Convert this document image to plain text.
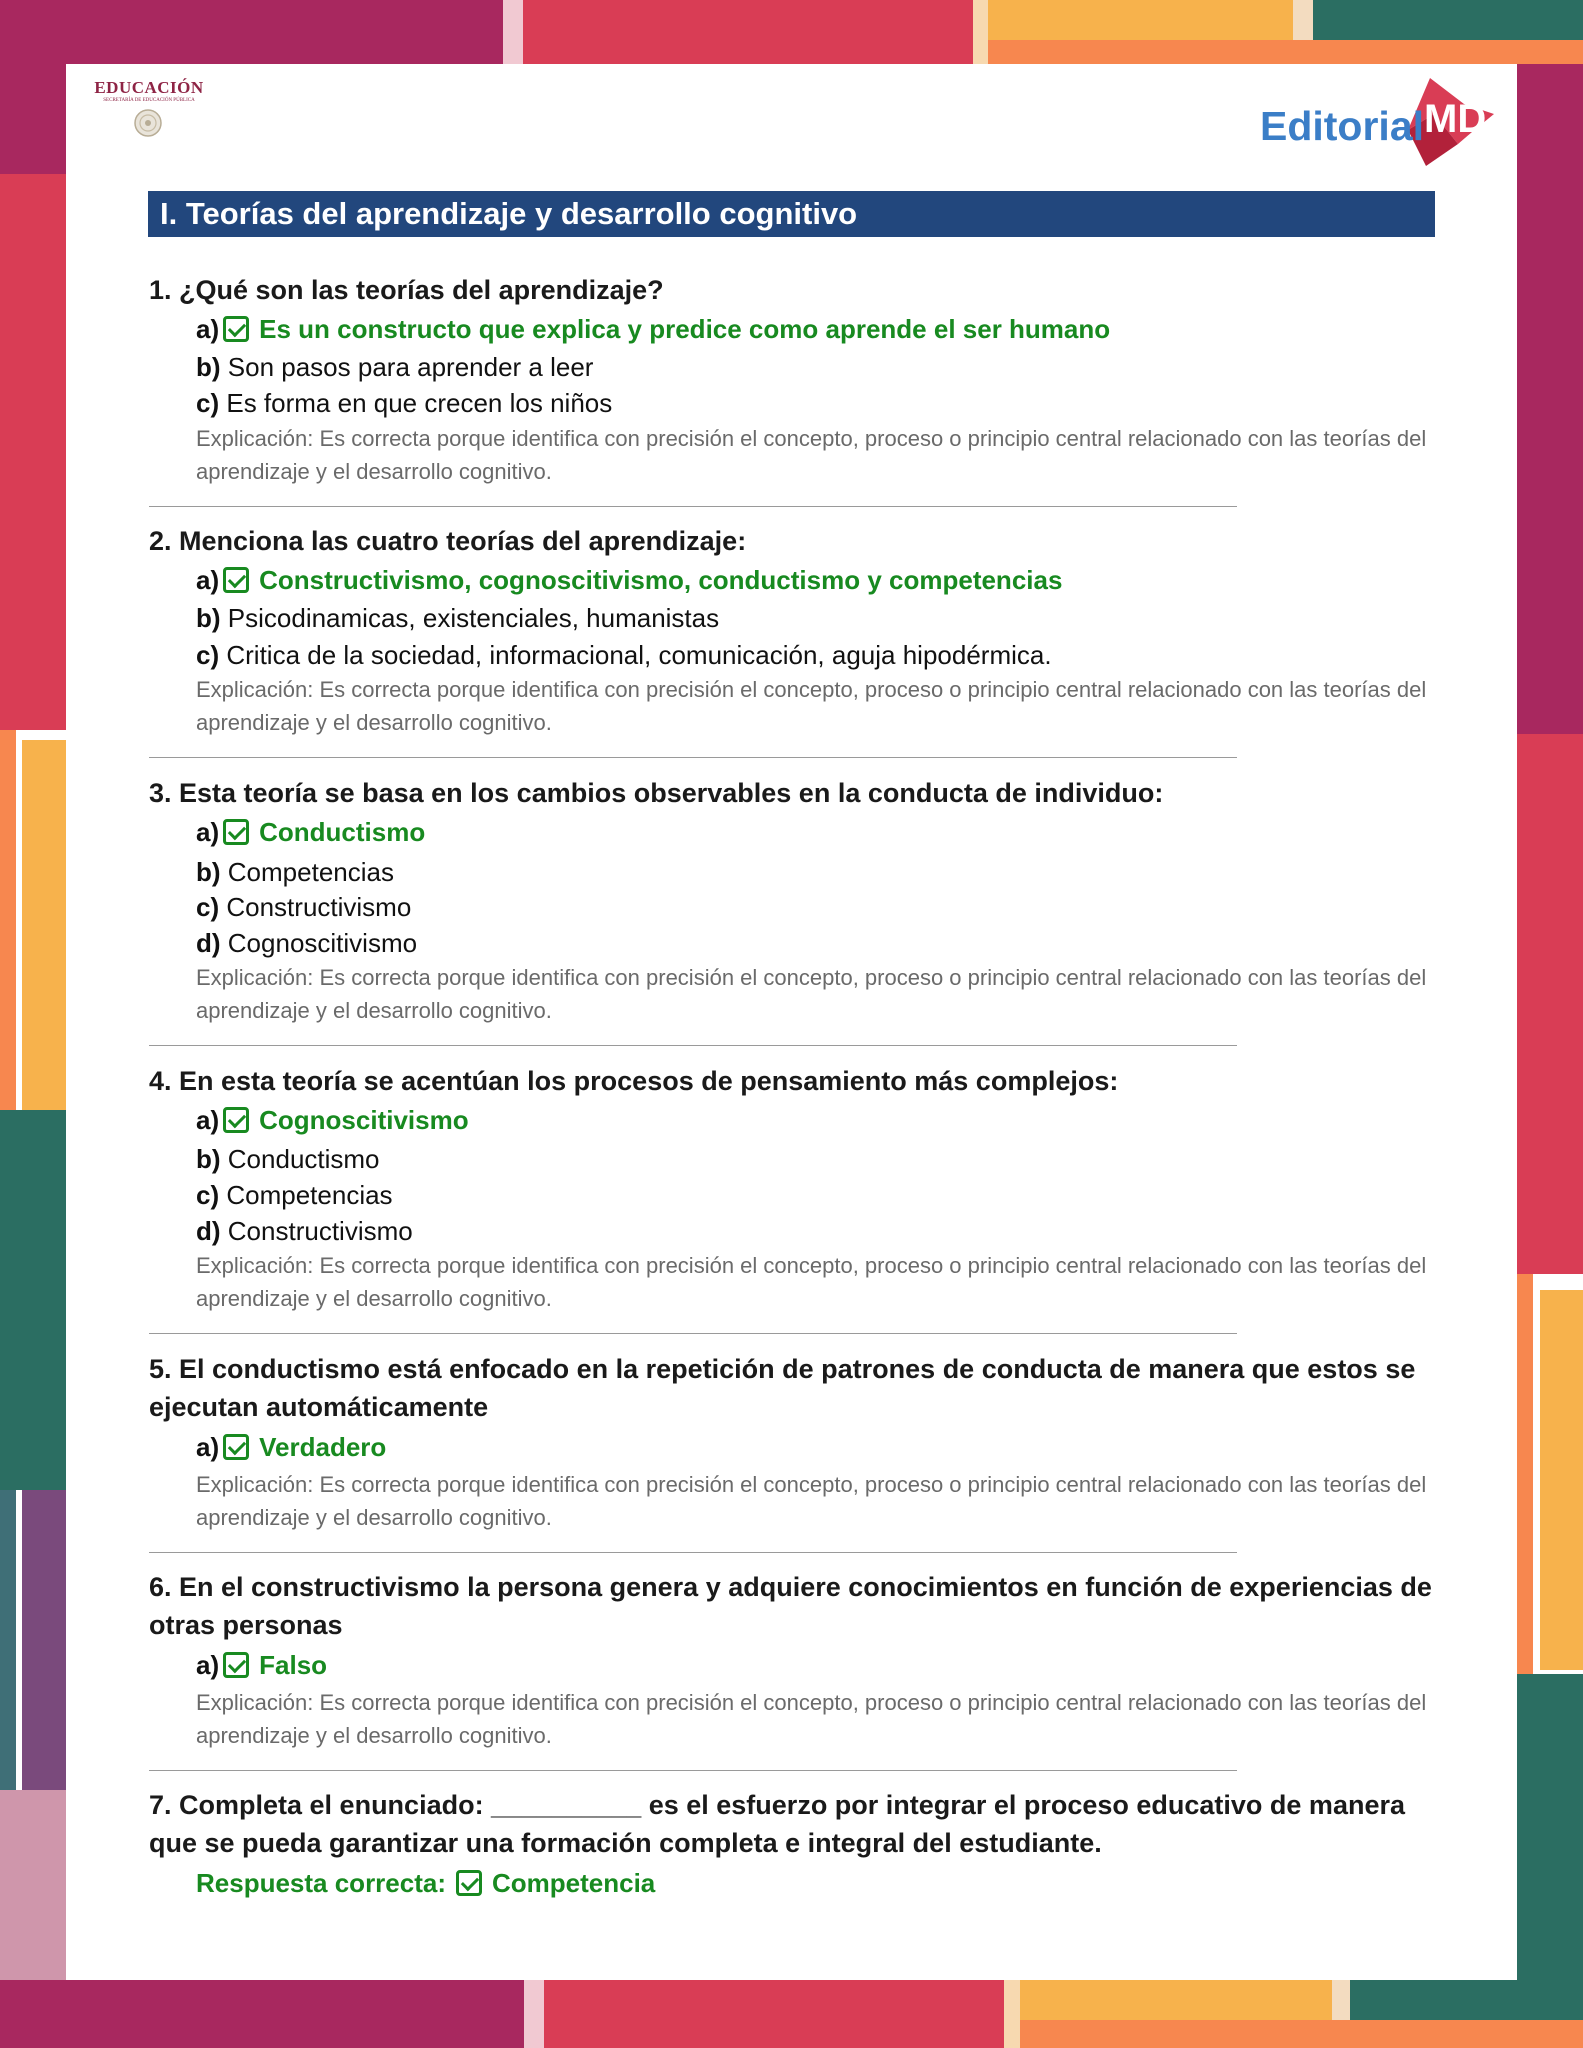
EDUCACIÓN
SECRETARÍA DE EDUCACIÓN PÚBLICA	MD
Editorial
I. Teorías del aprendizaje y desarrollo cognitivo
1. ¿Qué son las teorías del aprendizaje?
a) Es un constructo que explica y predice como aprende el ser humano
b) Son pasos para aprender a leer
c) Es forma en que crecen los niños
Explicación: Es correcta porque identifica con precisión el concepto, proceso o principio central relacionado con las teorías del aprendizaje y el desarrollo cognitivo.
2. Menciona las cuatro teorías del aprendizaje:
a) Constructivismo, cognoscitivismo, conductismo y competencias
b) Psicodinamicas, existenciales, humanistas
c) Critica de la sociedad, informacional, comunicación, aguja hipodérmica.
Explicación: Es correcta porque identifica con precisión el concepto, proceso o principio central relacionado con las teorías del aprendizaje y el desarrollo cognitivo.
3. Esta teoría se basa en los cambios observables en la conducta de individuo:
a) Conductismo
b) Competencias
c) Constructivismo
d) Cognoscitivismo
Explicación: Es correcta porque identifica con precisión el concepto, proceso o principio central relacionado con las teorías del aprendizaje y el desarrollo cognitivo.
4. En esta teoría se acentúan los procesos de pensamiento más complejos:
a) Cognoscitivismo
b) Conductismo
c) Competencias
d) Constructivismo
Explicación: Es correcta porque identifica con precisión el concepto, proceso o principio central relacionado con las teorías del aprendizaje y el desarrollo cognitivo.
5. El conductismo está enfocado en la repetición de patrones de conducta de manera que estos se ejecutan automáticamente
a) Verdadero
Explicación: Es correcta porque identifica con precisión el concepto, proceso o principio central relacionado con las teorías del aprendizaje y el desarrollo cognitivo.
6. En el constructivismo la persona genera y adquiere conocimientos en función de experiencias de otras personas
a) Falso
Explicación: Es correcta porque identifica con precisión el concepto, proceso o principio central relacionado con las teorías del aprendizaje y el desarrollo cognitivo.
7. Completa el enunciado: __________ es el esfuerzo por integrar el proceso educativo de manera que se pueda garantizar una formación completa e integral del estudiante.
Respuesta correcta: Competencia
